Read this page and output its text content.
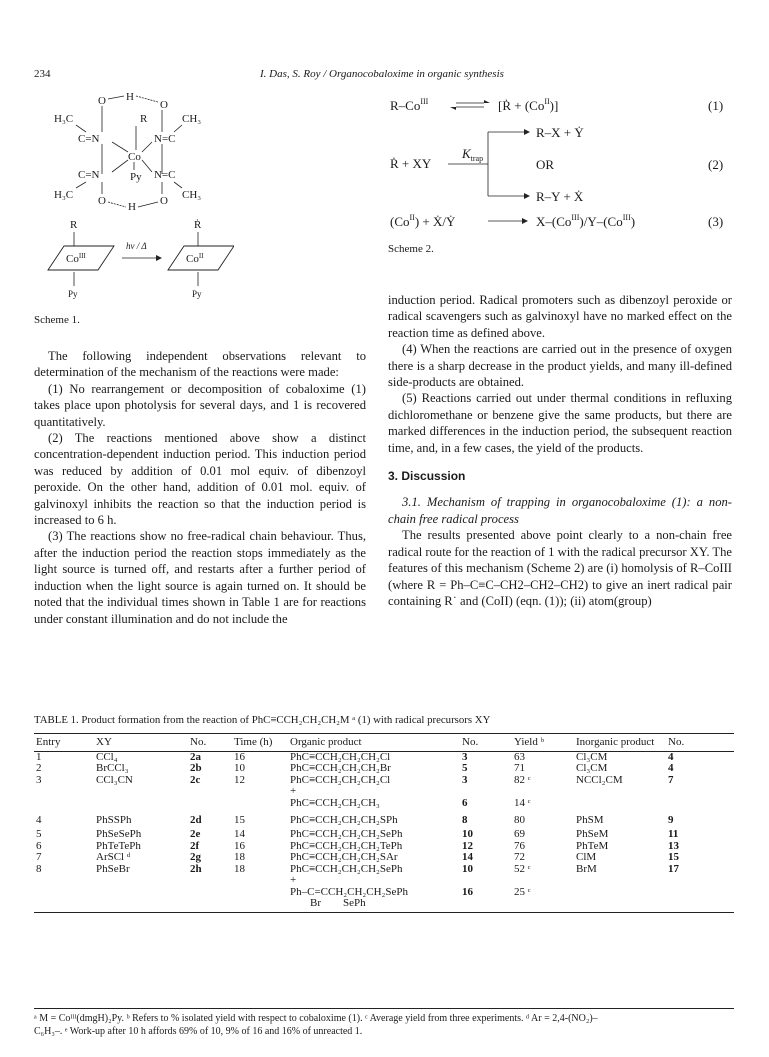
234	I. Das, S. Roy / Organocobaloxime in organic synthesis
O H
O
H₃C	CH₃
C=N
R
N=C
Co
C=N	Py N=C
H₃C	CH₃
O H O
R	Ṙ
$Co^{III}$	$Co^{II}$
hν / Δ
Py	Py
Scheme 1.
$R-Co^{III}$	[Ṙ + $(Co^{II})$]	(1)
R–X + Ẏ
Ṙ + XY
$K_{trap}$	OR	(2)
R–Y + Ẋ
$(Co^{II})$ + Ẋ/Ẏ	$X-(Co^{III})/Y-(Co^{III})$	(3)
Scheme 2.

The following independent observations relevant to determination of the mechanism of the reactions were made:

(1) No rearrangement or decomposition of cobaloxime (1) takes place upon photolysis for several days, and 1 is recovered quantitatively.

(2) The reactions mentioned above show a distinct concentration-dependent induction period. This induction period was reduced by addition of 0.01 mol equiv. of dibenzoyl peroxide. On the other hand, addition of 0.01 mol. equiv. of galvinoxyl inhibits the reaction so that the induction period is increased to 6 h.

(3) The reactions show no free-radical chain behaviour. Thus, after the induction period the reaction stops immediately as the light source is turned off, and restarts after a further period of induction when the light source is again turned on. It should be noted that the individual times shown in Table 1 are for reactions under constant illumination and do not include the

induction period. Radical promoters such as dibenzoyl peroxide or radical scavengers such as galvinoxyl have no marked effect on the reaction time as defined above.

(4) When the reactions are carried out in the presence of oxygen there is a sharp decrease in the product yields, and many ill-defined side-products are obtained.

(5) Reactions carried out under thermal conditions in refluxing dichloromethane or benzene give the same products, but there are marked differences in the induction period, the subsequent reaction time, and, in a few cases, the yield of the products.

3. Discussion

3.1. Mechanism of trapping in organocobaloxime (1): a non-chain free radical process

The results presented above point clearly to a non-chain free radical route for the reaction of 1 with the radical precursor XY. The features of this mechanism (Scheme 2) are (i) homolysis of R–CoIII (where R = Ph–C≡C–CH2–CH2–CH2) to give an inert radical pair containing R˙ and (CoII) (eqn. (1)); (ii) atom(group)

TABLE 1. Product formation from the reaction of PhC≡CCH₂CH₂CH₂M ᵃ (1) with radical precursors XY
Entry	XY	No.	Time (h)	Organic product	No.	Yield ᵇ	Inorganic product	No.
1	CCl₄	2a	16	PhC≡CCH₂CH₂CH₂Cl	3	63	Cl₃CM	4
2	BrCCl₃	2b	10	PhC≡CCH₂CH₂CH₂Br	5	71	Cl₃CM	4
3	CCl₃CN	2c	12	PhC≡CCH₂CH₂CH₂Cl	3	82 ᶜ	NCCl₂CM	7
				+				
				PhC≡CCH₂CH₂CH₃	6	14 ᶜ		
4	PhSSPh	2d	15	PhC≡CCH₂CH₂CH₂SPh	8	80	PhSM	9
5	PhSeSePh	2e	14	PhC≡CCH₂CH₂CH₂SePh	10	69	PhSeM	11
6	PhTeTePh	2f	16	PhC≡CCH₂CH₂CH₂TePh	12	76	PhTeM	13
7	ArSCl ᵈ	2g	18	PhC≡CCH₂CH₂CH₂SAr	14	72	ClM	15
8	PhSeBr	2h	18	PhC≡CCH₂CH₂CH₂SePh	10	52 ᶜ	BrM	17
				+				

				Ph–C=CCH₂CH₂CH₂SePh
Br SePh	16	25 ᶜ		

ᵃ M = Coᴵᴵᴵ(dmgH)₂Py. ᵇ Refers to % isolated yield with respect to cobaloxime (1). ᶜ Average yield from three experiments. ᵈ Ar = 2,4-(NO₂)–
C₆H₃–. ᵉ Work-up after 10 h affords 69% of 10, 9% of 16 and 16% of unreacted 1.
